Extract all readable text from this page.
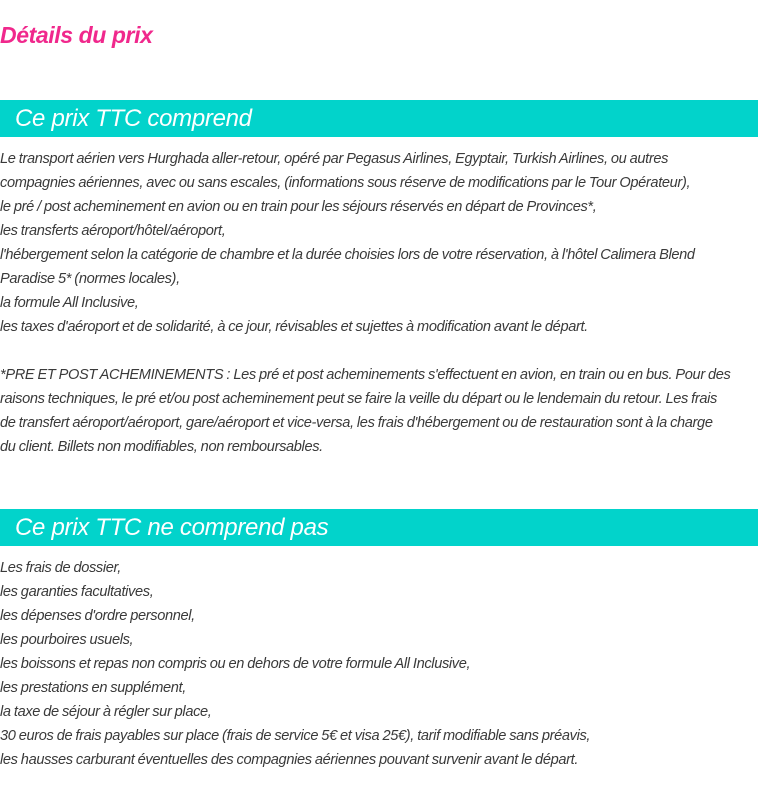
Détails du prix
Ce prix TTC comprend

Le transport aérien vers Hurghada aller-retour, opéré par Pegasus Airlines, Egyptair, Turkish Airlines, ou autres
compagnies aériennes, avec ou sans escales, (informations sous réserve de modifications par le Tour Opérateur),
le pré / post acheminement en avion ou en train pour les séjours réservés en départ de Provinces*,
les transferts aéroport/hôtel/aéroport,
l'hébergement selon la catégorie de chambre et la durée choisies lors de votre réservation, à l'hôtel Calimera Blend
Paradise 5* (normes locales),
la formule All Inclusive,
les taxes d'aéroport et de solidarité, à ce jour, révisables et sujettes à modification avant le départ.

*PRE ET POST ACHEMINEMENTS : Les pré et post acheminements s'effectuent en avion, en train ou en bus. Pour des
raisons techniques, le pré et/ou post acheminement peut se faire la veille du départ ou le lendemain du retour. Les frais
de transfert aéroport/aéroport, gare/aéroport et vice-versa, les frais d'hébergement ou de restauration sont à la charge
du client. Billets non modifiables, non remboursables.

Ce prix TTC ne comprend pas

Les frais de dossier,
les garanties facultatives,
les dépenses d'ordre personnel,
les pourboires usuels,
les boissons et repas non compris ou en dehors de votre formule All Inclusive,
les prestations en supplément,
la taxe de séjour à régler sur place,
30 euros de frais payables sur place (frais de service 5€ et visa 25€), tarif modifiable sans préavis,
les hausses carburant éventuelles des compagnies aériennes pouvant survenir avant le départ.
